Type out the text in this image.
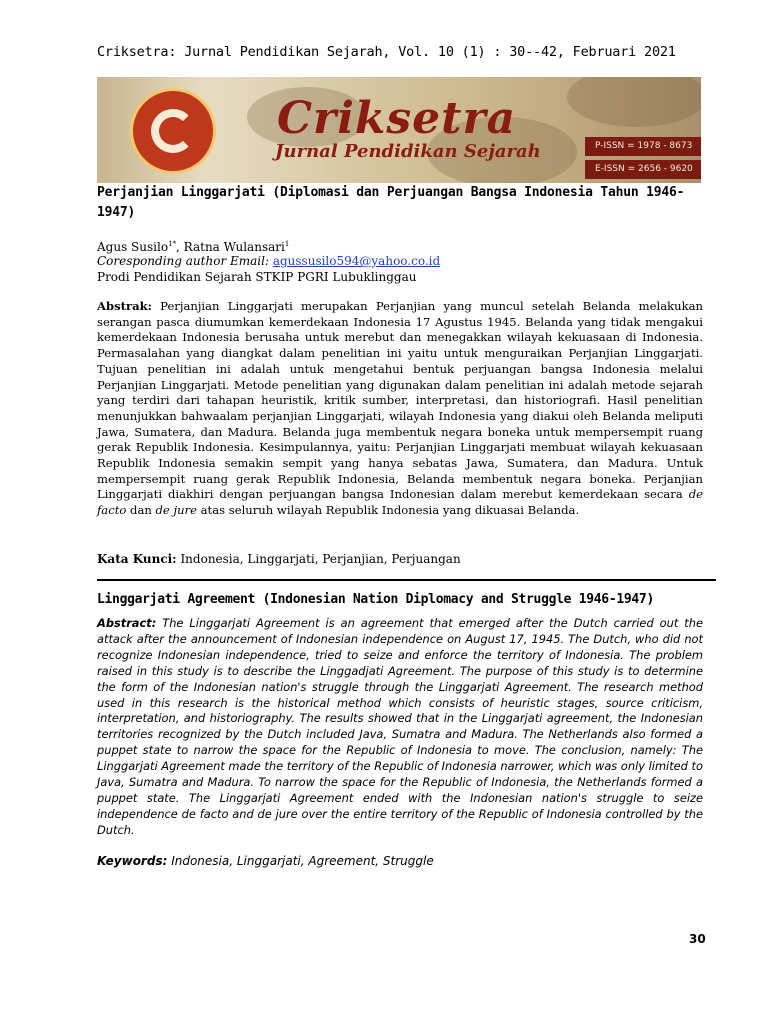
Criksetra: Jurnal Pendidikan Sejarah, Vol. 10 (1) : 30--42, Februari 2021
Criksetra
Jurnal Pendidikan Sejarah	P-ISSN = 1978 - 8673
E-ISSN = 2656 - 9620
Perjanjian Linggarjati (Diplomasi dan Perjuangan Bangsa Indonesia Tahun 1946-1947)
Agus Susilo$^{1*}$, Ratna Wulansari$^1$
Coresponding author Email: agussusilo594@yahoo.co.id
Prodi Pendidikan Sejarah STKIP PGRI Lubuklinggau
Abstrak: Perjanjian Linggarjati merupakan Perjanjian yang muncul setelah Belanda melakukan serangan pasca diumumkan kemerdekaan Indonesia 17 Agustus 1945. Belanda yang tidak mengakui kemerdekaan Indonesia berusaha untuk merebut dan menegakkan wilayah kekuasaan di Indonesia. Permasalahan yang diangkat dalam penelitian ini yaitu untuk menguraikan Perjanjian Linggarjati. Tujuan penelitian ini adalah untuk mengetahui bentuk perjuangan bangsa Indonesia melalui Perjanjian Linggarjati. Metode penelitian yang digunakan dalam penelitian ini adalah metode sejarah yang terdiri dari tahapan heuristik, kritik sumber, interpretasi, dan historiografi. Hasil penelitian menunjukkan bahwaalam perjanjian Linggarjati, wilayah Indonesia yang diakui oleh Belanda meliputi Jawa, Sumatera, dan Madura. Belanda juga membentuk negara boneka untuk mempersempit ruang gerak Republik Indonesia. Kesimpulannya, yaitu: Perjanjian Linggarjati membuat wilayah kekuasaan Republik Indonesia semakin sempit yang hanya sebatas Jawa, Sumatera, dan Madura. Untuk mempersempit ruang gerak Republik Indonesia, Belanda membentuk negara boneka. Perjanjian Linggarjati diakhiri dengan perjuangan bangsa Indonesian dalam merebut kemerdekaan secara de facto dan de jure atas seluruh wilayah Republik Indonesia yang dikuasai Belanda.
Kata Kunci: Indonesia, Linggarjati, Perjanjian, Perjuangan
Linggarjati Agreement (Indonesian Nation Diplomacy and Struggle 1946-1947)
Abstract: The Linggarjati Agreement is an agreement that emerged after the Dutch carried out the attack after the announcement of Indonesian independence on August 17, 1945. The Dutch, who did not recognize Indonesian independence, tried to seize and enforce the territory of Indonesia. The problem raised in this study is to describe the Linggadjati Agreement. The purpose of this study is to determine the form of the Indonesian nation's struggle through the Linggarjati Agreement. The research method used in this research is the historical method which consists of heuristic stages, source criticism, interpretation, and historiography. The results showed that in the Linggarjati agreement, the Indonesian territories recognized by the Dutch included Java, Sumatra and Madura. The Netherlands also formed a puppet state to narrow the space for the Republic of Indonesia to move. The conclusion, namely: The Linggarjati Agreement made the territory of the Republic of Indonesia narrower, which was only limited to Java, Sumatra and Madura. To narrow the space for the Republic of Indonesia, the Netherlands formed a puppet state. The Linggarjati Agreement ended with the Indonesian nation's struggle to seize independence de facto and de jure over the entire territory of the Republic of Indonesia controlled by the Dutch.
Keywords: Indonesia, Linggarjati, Agreement, Struggle
30
